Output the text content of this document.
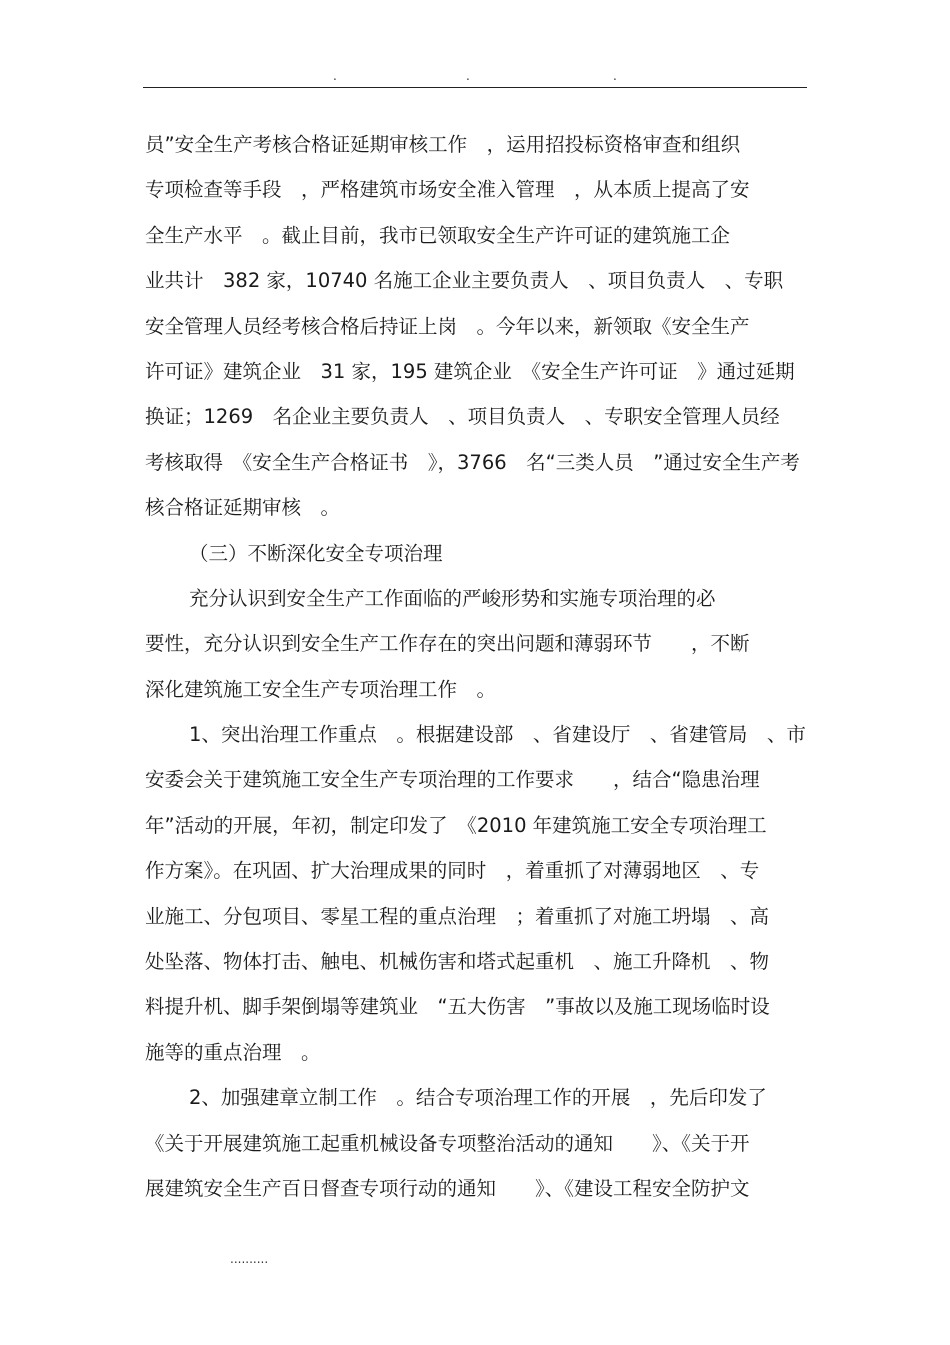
.	.	.
员”安全生产考核合格证延期审核工作　，运用招投标资格审查和组织
专项检查等手段　，严格建筑市场安全准入管理　，从本质上提高了安
全生产水平　。截止目前，我市已领取安全生产许可证的建筑施工企
业共计　382 家，10740 名施工企业主要负责人　、项目负责人　、专职
安全管理人员经考核合格后持证上岗　。今年以来，新领取《安全生产
许可证》建筑企业　31 家，195 建筑企业　《安全生产许可证　》通过延期
换证；1269　名企业主要负责人　、项目负责人　、专职安全管理人员经
考核取得　《安全生产合格证书　》，3766　名“三类人员　”通过安全生产考
核合格证延期审核　。
（三）不断深化安全专项治理
充分认识到安全生产工作面临的严峻形势和实施专项治理的必
要性，充分认识到安全生产工作存在的突出问题和薄弱环节　　，不断
深化建筑施工安全生产专项治理工作　。
1、突出治理工作重点　。根据建设部　、省建设厅　、省建管局　、市
安委会关于建筑施工安全生产专项治理的工作要求　　，结合“隐患治理
年”活动的开展，年初，制定印发了　《2010 年建筑施工安全专项治理工
作方案》。在巩固、扩大治理成果的同时　，着重抓了对薄弱地区　、专
业施工、分包项目、零星工程的重点治理　；着重抓了对施工坍塌　、高
处坠落、物体打击、触电、机械伤害和塔式起重机　、施工升降机　、物
料提升机、脚手架倒塌等建筑业　“五大伤害　”事故以及施工现场临时设
施等的重点治理　。
2、加强建章立制工作　。结合专项治理工作的开展　，先后印发了
《关于开展建筑施工起重机械设备专项整治活动的通知　　》、《关于开
展建筑安全生产百日督查专项行动的通知　　》、《建设工程安全防护文
..........
